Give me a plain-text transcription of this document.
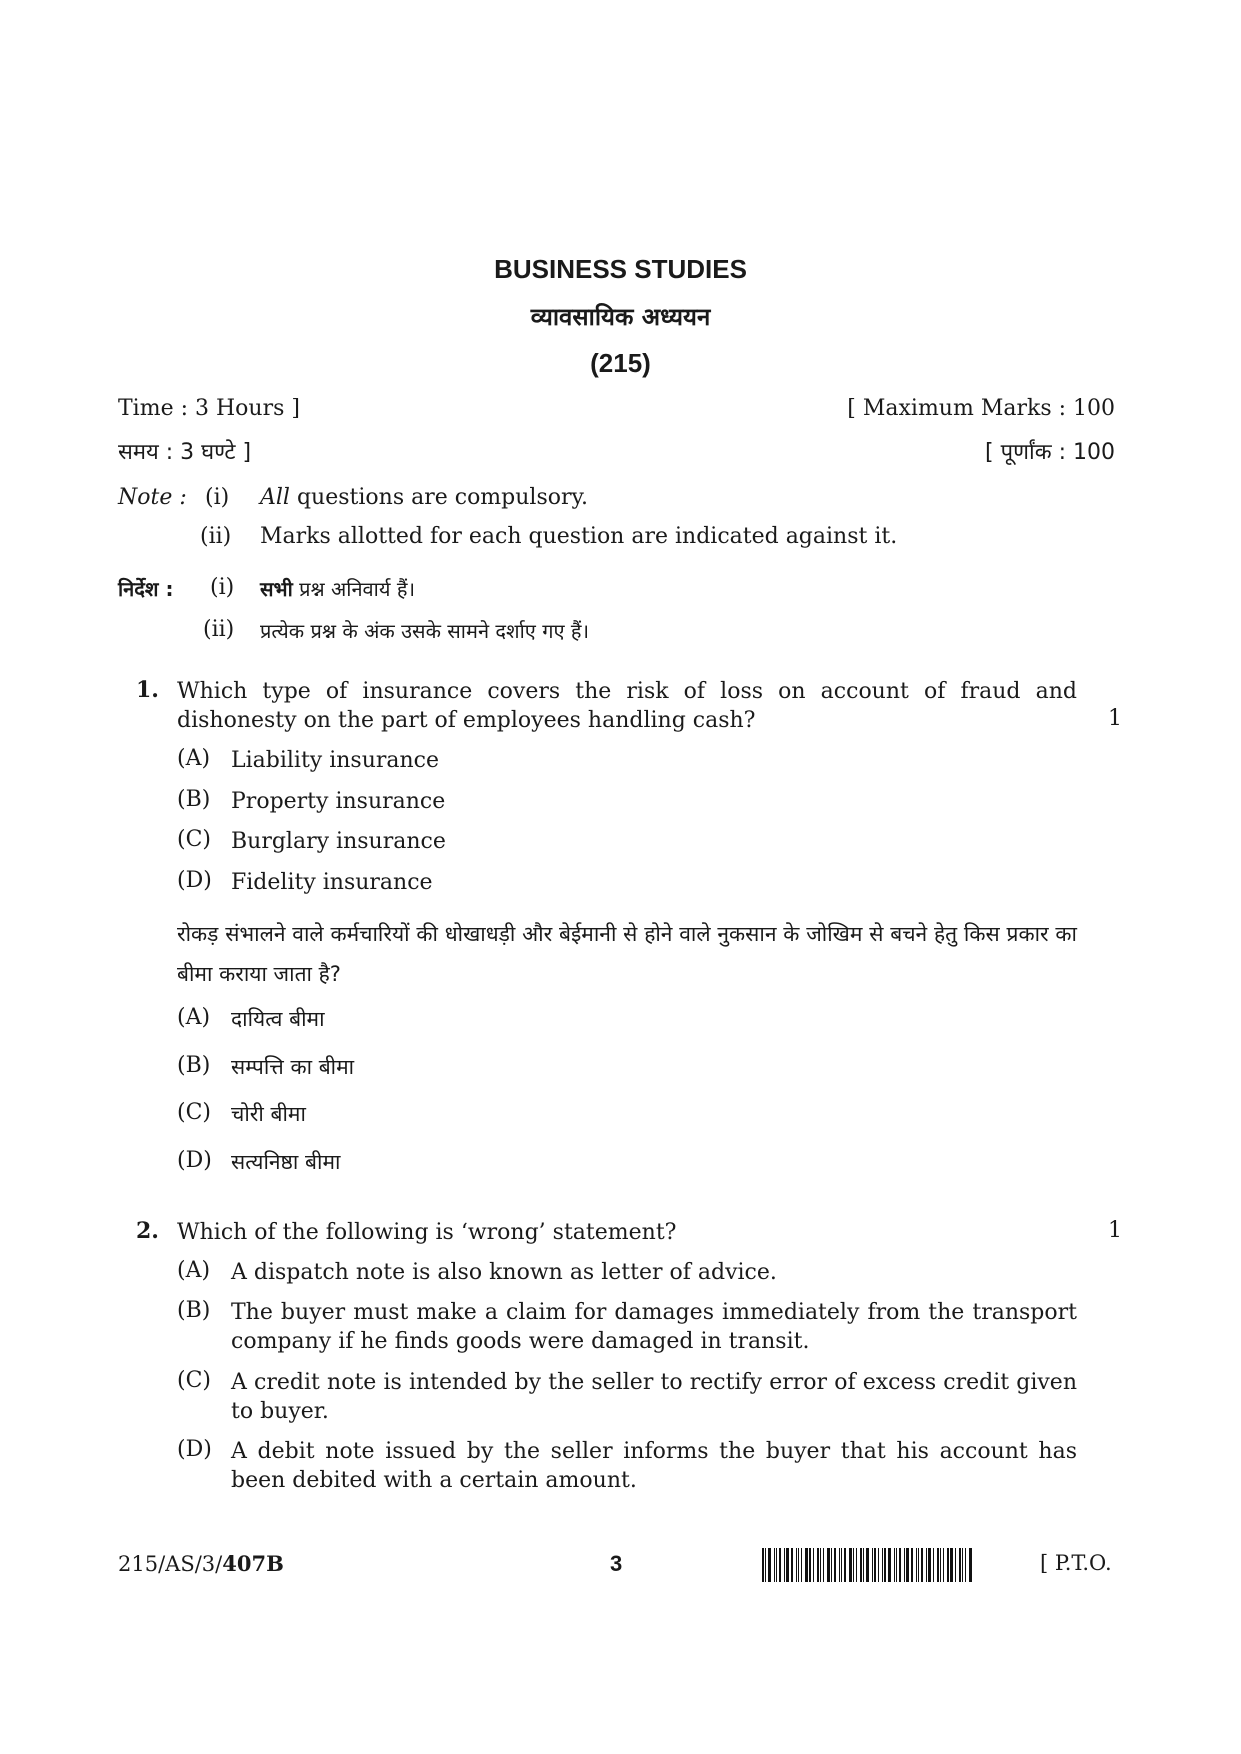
BUSINESS STUDIES
व्यावसायिक अध्ययन
(215)
Time : 3 Hours ]	[ Maximum Marks : 100
समय : 3 घण्टे ]	[ पूर्णांक : 100
Note : (i) All questions are compulsory.
(ii) Marks allotted for each question are indicated against it.
निर्देश : (i) सभी प्रश्न अनिवार्य हैं।
(ii) प्रत्येक प्रश्न के अंक उसके सामने दर्शाए गए हैं।
1. Which type of insurance covers the risk of loss on account of fraud and dishonesty on the part of employees handling cash?	1
(A) Liability insurance
(B) Property insurance
(C) Burglary insurance
(D) Fidelity insurance
रोकड़ संभालने वाले कर्मचारियों की धोखाधड़ी और बेईमानी से होने वाले नुकसान के जोखिम से बचने हेतु किस प्रकार का बीमा कराया जाता है?
(A) दायित्व बीमा
(B) सम्पत्ति का बीमा
(C) चोरी बीमा
(D) सत्यनिष्ठा बीमा
2. Which of the following is ‘wrong’ statement?	1
(A) A dispatch note is also known as letter of advice.
(B) The buyer must make a claim for damages immediately from the transport company if he finds goods were damaged in transit.
(C) A credit note is intended by the seller to rectify error of excess credit given to buyer.
(D) A debit note issued by the seller informs the buyer that his account has been debited with a certain amount.
215/AS/3/407B	3	[ P.T.O.
